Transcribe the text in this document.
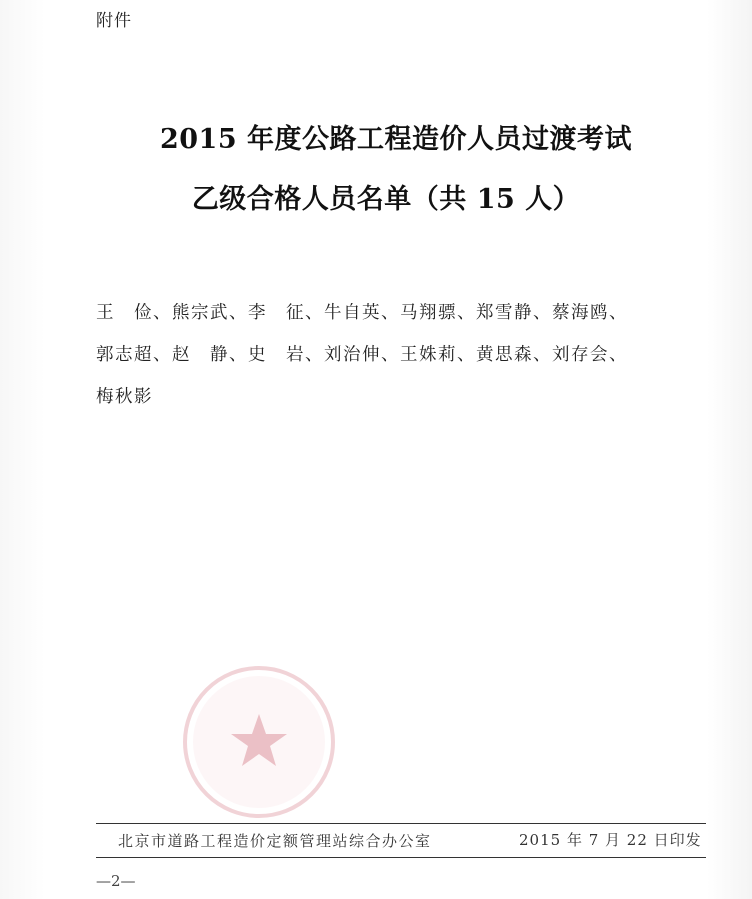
附件
2015 年度公路工程造价人员过渡考试
乙级合格人员名单（共 15 人）
王　俭、熊宗武、李　征、牛自英、马翔骠、郑雪静、蔡海鸥、
郭志超、赵　静、史　岩、刘治伸、王姝莉、黄思森、刘存会、
梅秋影
北京市道路工程造价定额管理站综合办公室	2015 年 7 月 22 日印发
—2—
